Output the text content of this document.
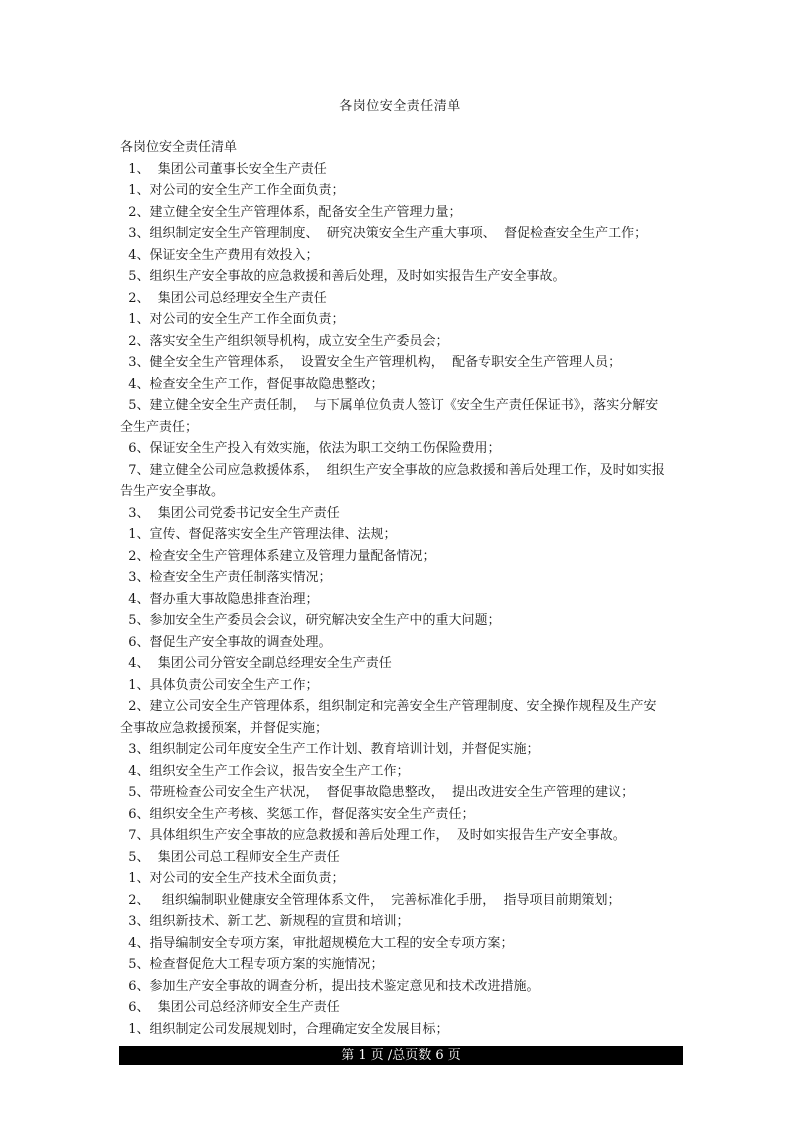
各岗位安全责任清单
各岗位安全责任清单
1、  集团公司董事长安全生产责任
1、对公司的安全生产工作全面负责；
2、建立健全安全生产管理体系，配备安全生产管理力量；
3、组织制定安全生产管理制度、  研究决策安全生产重大事项、  督促检查安全生产工作；
4、保证安全生产费用有效投入；
5、组织生产安全事故的应急救援和善后处理，及时如实报告生产安全事故。
2、  集团公司总经理安全生产责任
1、对公司的安全生产工作全面负责；
2、落实安全生产组织领导机构，成立安全生产委员会；
3、健全安全生产管理体系，  设置安全生产管理机构，  配备专职安全生产管理人员；
4、检查安全生产工作，督促事故隐患整改；
5、建立健全安全生产责任制，  与下属单位负责人签订《安全生产责任保证书》，落实分解安
全生产责任；
6、保证安全生产投入有效实施，依法为职工交纳工伤保险费用；
7、建立健全公司应急救援体系，  组织生产安全事故的应急救援和善后处理工作，及时如实报
告生产安全事故。
3、  集团公司党委书记安全生产责任
1、宣传、督促落实安全生产管理法律、法规；
2、检查安全生产管理体系建立及管理力量配备情况；
3、检查安全生产责任制落实情况；
4、督办重大事故隐患排查治理；
5、参加安全生产委员会会议，研究解决安全生产中的重大问题；
6、督促生产安全事故的调查处理。
4、  集团公司分管安全副总经理安全生产责任
1、具体负责公司安全生产工作；
2、建立公司安全生产管理体系，组织制定和完善安全生产管理制度、安全操作规程及生产安
全事故应急救援预案，并督促实施；
3、组织制定公司年度安全生产工作计划、教育培训计划，并督促实施；
4、组织安全生产工作会议，报告安全生产工作；
5、带班检查公司安全生产状况，  督促事故隐患整改，  提出改进安全生产管理的建议；
6、组织安全生产考核、奖惩工作，督促落实安全生产责任；
7、具体组织生产安全事故的应急救援和善后处理工作，  及时如实报告生产安全事故。
5、  集团公司总工程师安全生产责任
1、对公司的安全生产技术全面负责；
2、   组织编制职业健康安全管理体系文件，  完善标准化手册，  指导项目前期策划；
3、组织新技术、新工艺、新规程的宣贯和培训；
4、指导编制安全专项方案，审批超规模危大工程的安全专项方案；
5、检查督促危大工程专项方案的实施情况；
6、参加生产安全事故的调查分析，提出技术鉴定意见和技术改进措施。
6、  集团公司总经济师安全生产责任
1、组织制定公司发展规划时，合理确定安全发展目标；
第 1 页 /总页数 6 页
